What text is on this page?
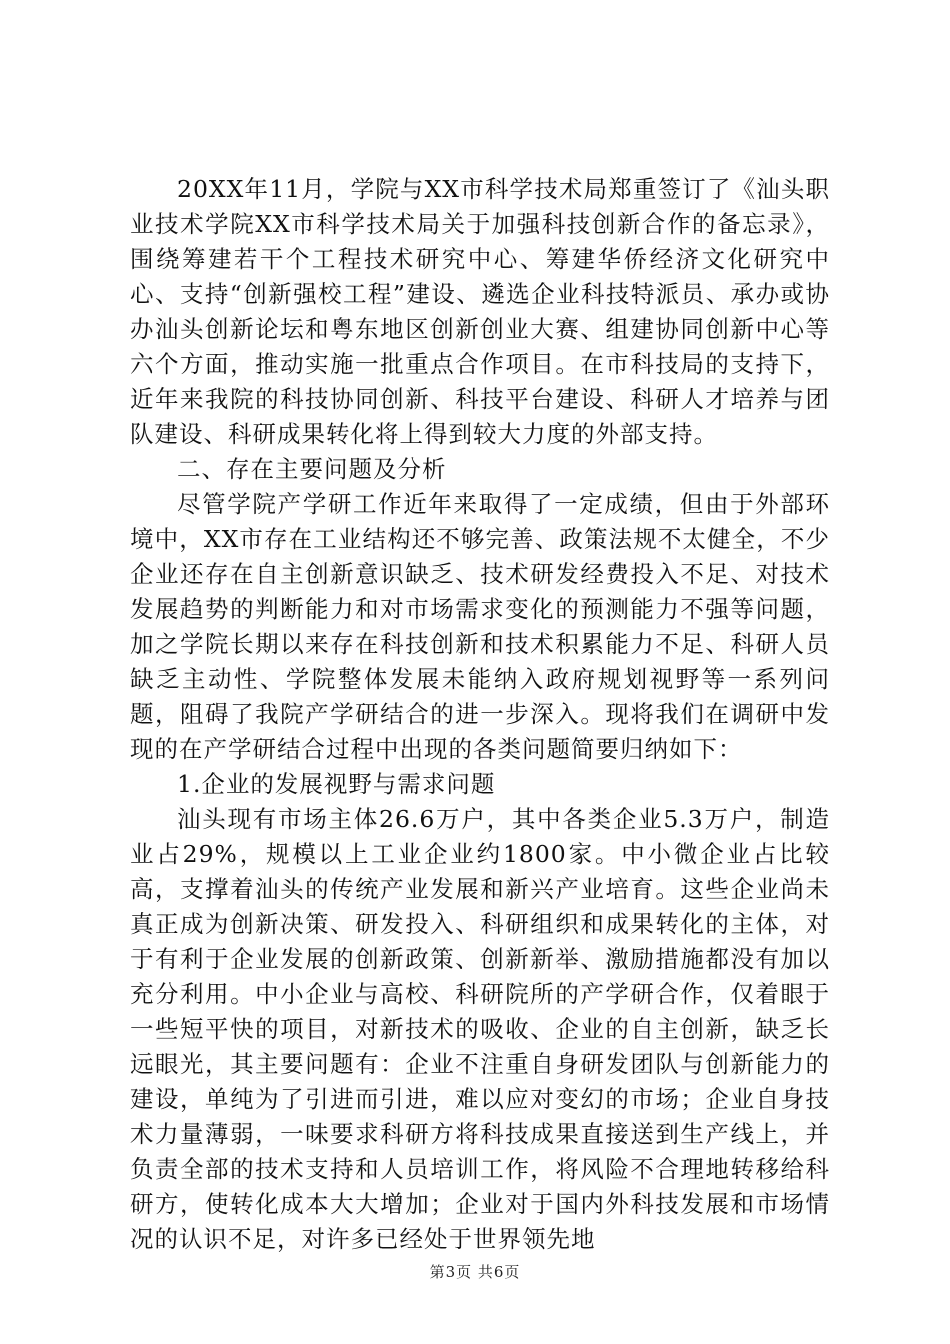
20XX年11月，学院与XX市科学技术局郑重签订了《汕头职业技术学院XX市科学技术局关于加强科技创新合作的备忘录》，围绕筹建若干个工程技术研究中心、筹建华侨经济文化研究中心、支持“创新强校工程”建设、遴选企业科技特派员、承办或协办汕头创新论坛和粤东地区创新创业大赛、组建协同创新中心等六个方面，推动实施一批重点合作项目。在市科技局的支持下，近年来我院的科技协同创新、科技平台建设、科研人才培养与团队建设、科研成果转化将上得到较大力度的外部支持。

二、存在主要问题及分析

尽管学院产学研工作近年来取得了一定成绩，但由于外部环境中，XX市存在工业结构还不够完善、政策法规不太健全，不少企业还存在自主创新意识缺乏、技术研发经费投入不足、对技术发展趋势的判断能力和对市场需求变化的预测能力不强等问题，加之学院长期以来存在科技创新和技术积累能力不足、科研人员缺乏主动性、学院整体发展未能纳入政府规划视野等一系列问题，阻碍了我院产学研结合的进一步深入。现将我们在调研中发现的在产学研结合过程中出现的各类问题简要归纳如下：

1.企业的发展视野与需求问题

汕头现有市场主体26.6万户，其中各类企业5.3万户，制造业占29%，规模以上工业企业约1800家。中小微企业占比较高，支撑着汕头的传统产业发展和新兴产业培育。这些企业尚未真正成为创新决策、研发投入、科研组织和成果转化的主体，对于有利于企业发展的创新政策、创新新举、激励措施都没有加以充分利用。中小企业与高校、科研院所的产学研合作，仅着眼于一些短平快的项目，对新技术的吸收、企业的自主创新，缺乏长远眼光，其主要问题有：企业不注重自身研发团队与创新能力的建设，单纯为了引进而引进，难以应对变幻的市场；企业自身技术力量薄弱，一味要求科研方将科技成果直接送到生产线上，并负责全部的技术支持和人员培训工作，将风险不合理地转移给科研方，使转化成本大大增加；企业对于国内外科技发展和市场情况的认识不足，对许多已经处于世界领先地

第3页 共6页
